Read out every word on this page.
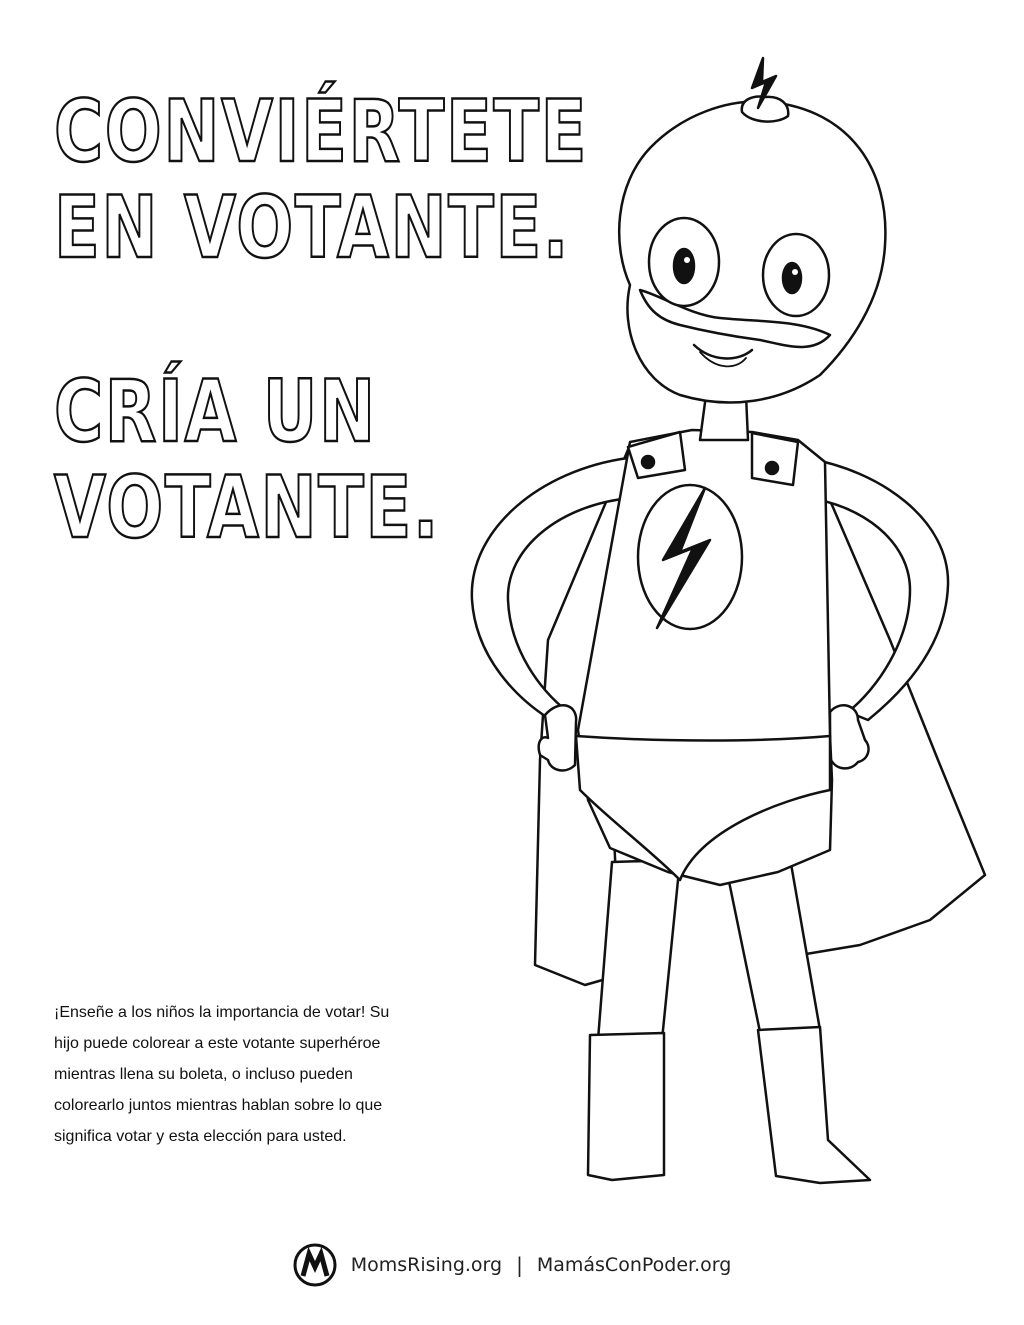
CONVIÉRTETE
EN VOTANTE.
CRÍA UN
VOTANTE.

¡Enseñe a los niños la importancia de votar! Su hijo puede colorear a este votante superhéroe mientras llena su boleta, o incluso pueden colorearlo juntos mientras hablan sobre lo que significa votar y esta elección para usted.

MomsRising.org | MamásConPoder.org
